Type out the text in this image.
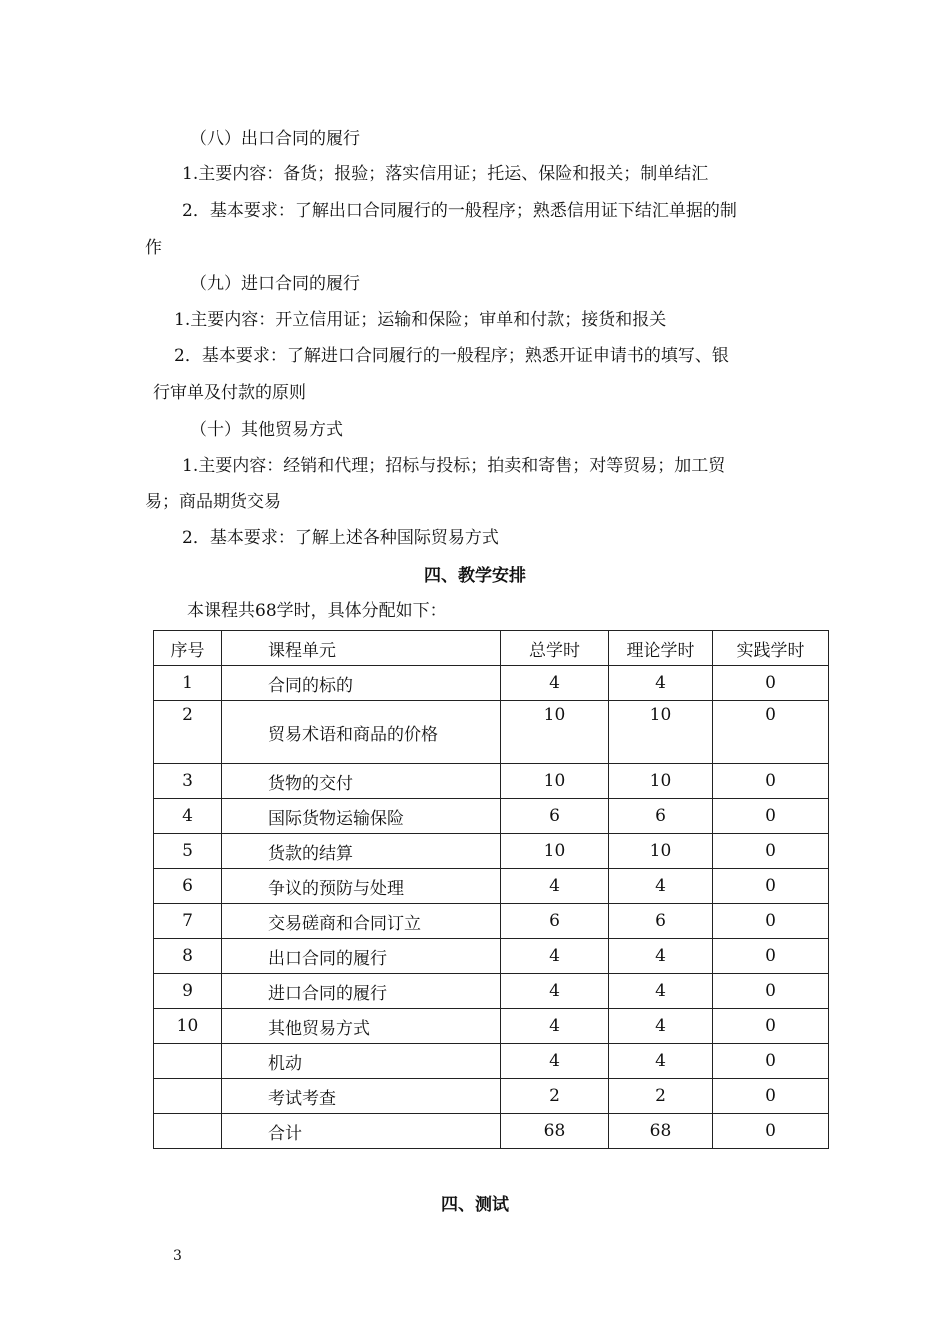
（八）出口合同的履行
1.主要内容：备货；报验；落实信用证；托运、保险和报关；制单结汇
2．基本要求：了解出口合同履行的一般程序；熟悉信用证下结汇单据的制
作
（九）进口合同的履行
1.主要内容：开立信用证；运输和保险；审单和付款；接货和报关
2．基本要求：了解进口合同履行的一般程序；熟悉开证申请书的填写、银
行审单及付款的原则
（十）其他贸易方式
1.主要内容：经销和代理；招标与投标；拍卖和寄售；对等贸易；加工贸
易；商品期货交易
2．基本要求：了解上述各种国际贸易方式
四、教学安排
本课程共68学时，具体分配如下：
序号	课程单元	总学时	理论学时	实践学时
1	合同的标的	4	4	0
2	贸易术语和商品的价格	10	10	0
3	货物的交付	10	10	0
4	国际货物运输保险	6	6	0
5	货款的结算	10	10	0
6	争议的预防与处理	4	4	0
7	交易磋商和合同订立	6	6	0
8	出口合同的履行	4	4	0
9	进口合同的履行	4	4	0
10	其他贸易方式	4	4	0
	机动	4	4	0
	考试考查	2	2	0
	合计	68	68	0
四、测试
3
